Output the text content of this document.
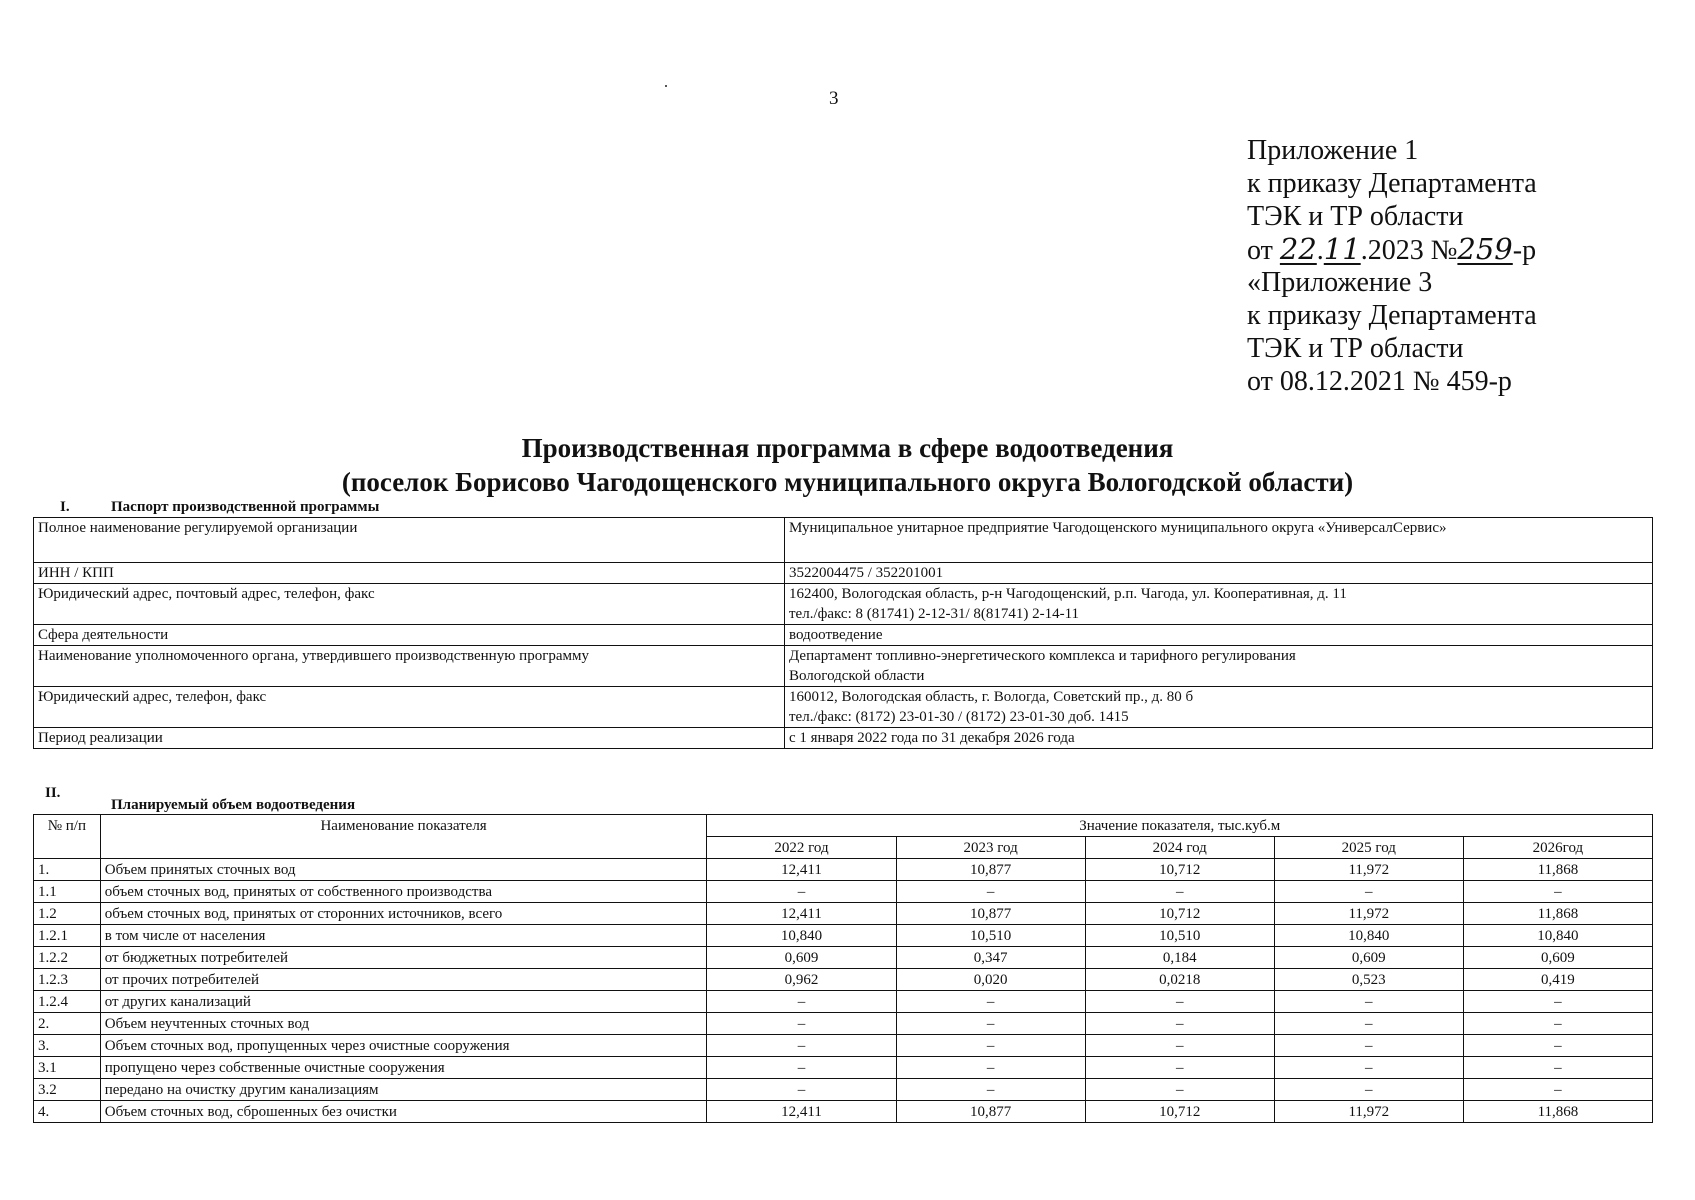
3
Приложение 1
к приказу Департамента
ТЭК и ТР области
от 22.11.2023 №259-р
«Приложение 3
к приказу Департамента
ТЭК и ТР области
от 08.12.2021 № 459-р
Производственная программа в сфере водоотведения
(поселок Борисово Чагодощенского муниципального округа Вологодской области)
I.	Паспорт производственной программы
Полное наименование регулируемой организации	Муниципальное унитарное предприятие Чагодощенского муниципального округа «УниверсалСервис»
ИНН / КПП	3522004475 / 352201001
Юридический адрес, почтовый адрес, телефон, факс	162400, Вологодская область, р-н Чагодощенский, р.п. Чагода, ул. Кооперативная, д. 11
тел./факс: 8 (81741) 2-12-31/ 8(81741) 2-14-11

Сфера деятельности	водоотведение
Наименование уполномоченного органа, утвердившего производственную программу	Департамент топливно-энергетического комплекса и тарифного регулирования
Вологодской области

Юридический адрес, телефон, факс	160012, Вологодская область, г. Вологда, Советский пр., д. 80 б
тел./факс: (8172) 23-01-30 / (8172) 23-01-30 доб. 1415

Период реализации	с 1 января 2022 года по 31 декабря 2026 года
II.
Планируемый объем водоотведения
№ п/п	Наименование показателя	Значение показателя, тыс.куб.м				
		2022 год	2023 год	2024 год	2025 год	2026год
1.	Объем принятых сточных вод	12,411	10,877	10,712	11,972	11,868
1.1	объем сточных вод, принятых от собственного производства	–	–	–	–	–
1.2	объем сточных вод, принятых от сторонних источников, всего	12,411	10,877	10,712	11,972	11,868
1.2.1	в том числе от населения	10,840	10,510	10,510	10,840	10,840
1.2.2	от бюджетных потребителей	0,609	0,347	0,184	0,609	0,609
1.2.3	от прочих потребителей	0,962	0,020	0,0218	0,523	0,419
1.2.4	от других канализаций	–	–	–	–	–
2.	Объем неучтенных сточных вод	–	–	–	–	–
3.	Объем сточных вод, пропущенных через очистные сооружения	–	–	–	–	–
3.1	пропущено через собственные очистные сооружения	–	–	–	–	–
3.2	передано на очистку другим канализациям	–	–	–	–	–
4.	Объем сточных вод, сброшенных без очистки	12,411	10,877	10,712	11,972	11,868
